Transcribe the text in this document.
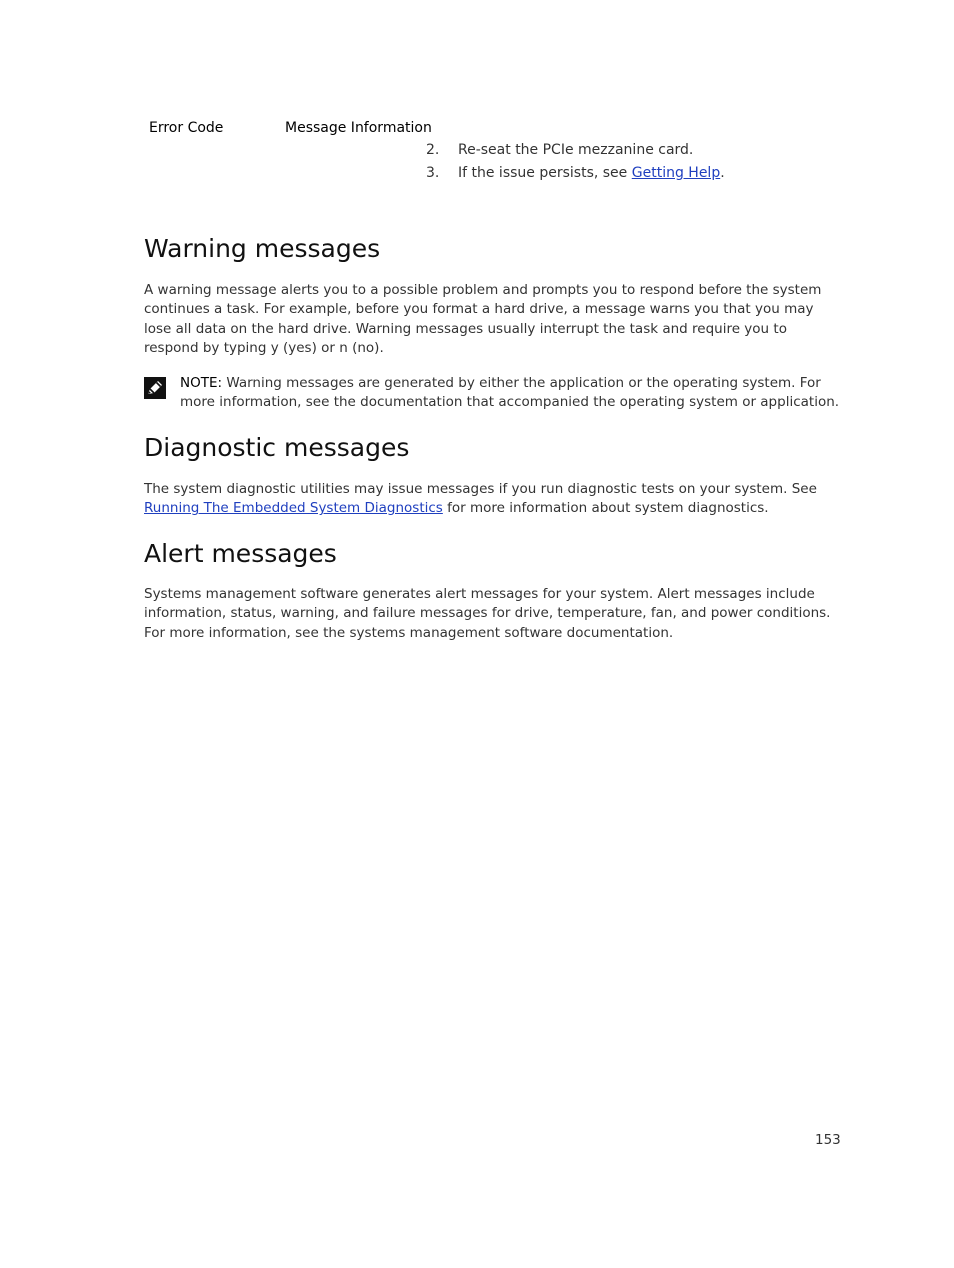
Error Code	Message Information
2. Re-seat the PCIe mezzanine card.
3. If the issue persists, see Getting Help.
Warning messages

A warning message alerts you to a possible problem and prompts you to respond before the system continues a task. For example, before you format a hard drive, a message warns you that you may lose all data on the hard drive. Warning messages usually interrupt the task and require you to respond by typing y (yes) or n (no).

NOTE: Warning messages are generated by either the application or the operating system. For more information, see the documentation that accompanied the operating system or application.
Diagnostic messages

The system diagnostic utilities may issue messages if you run diagnostic tests on your system. See Running The Embedded System Diagnostics for more information about system diagnostics.

Alert messages

Systems management software generates alert messages for your system. Alert messages include information, status, warning, and failure messages for drive, temperature, fan, and power conditions. For more information, see the systems management software documentation.

153
